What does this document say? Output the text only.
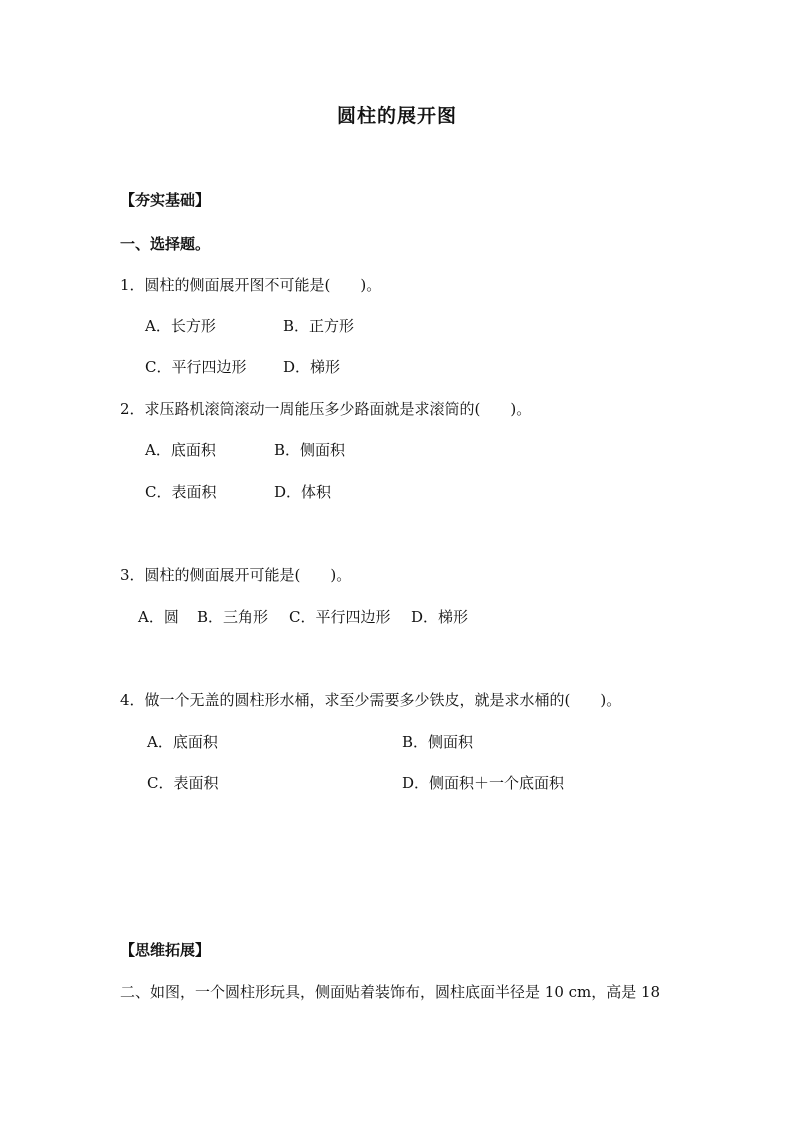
圆柱的展开图
【夯实基础】
一、选择题。
1．圆柱的侧面展开图不可能是(　　)。
A．长方形	B．正方形
C．平行四边形 D．梯形
2．求压路机滚筒滚动一周能压多少路面就是求滚筒的(　　)。
A．底面积	B．侧面积
C．表面积	D．体积
3．圆柱的侧面展开可能是(　　)。
A．圆 B．三角形 C．平行四边形 D．梯形
4．做一个无盖的圆柱形水桶，求至少需要多少铁皮，就是求水桶的(　　)。
A．底面积	B．侧面积
C．表面积	D．侧面积＋一个底面积
【思维拓展】
二、如图，一个圆柱形玩具，侧面贴着装饰布，圆柱底面半径是 10 cm，高是 18
